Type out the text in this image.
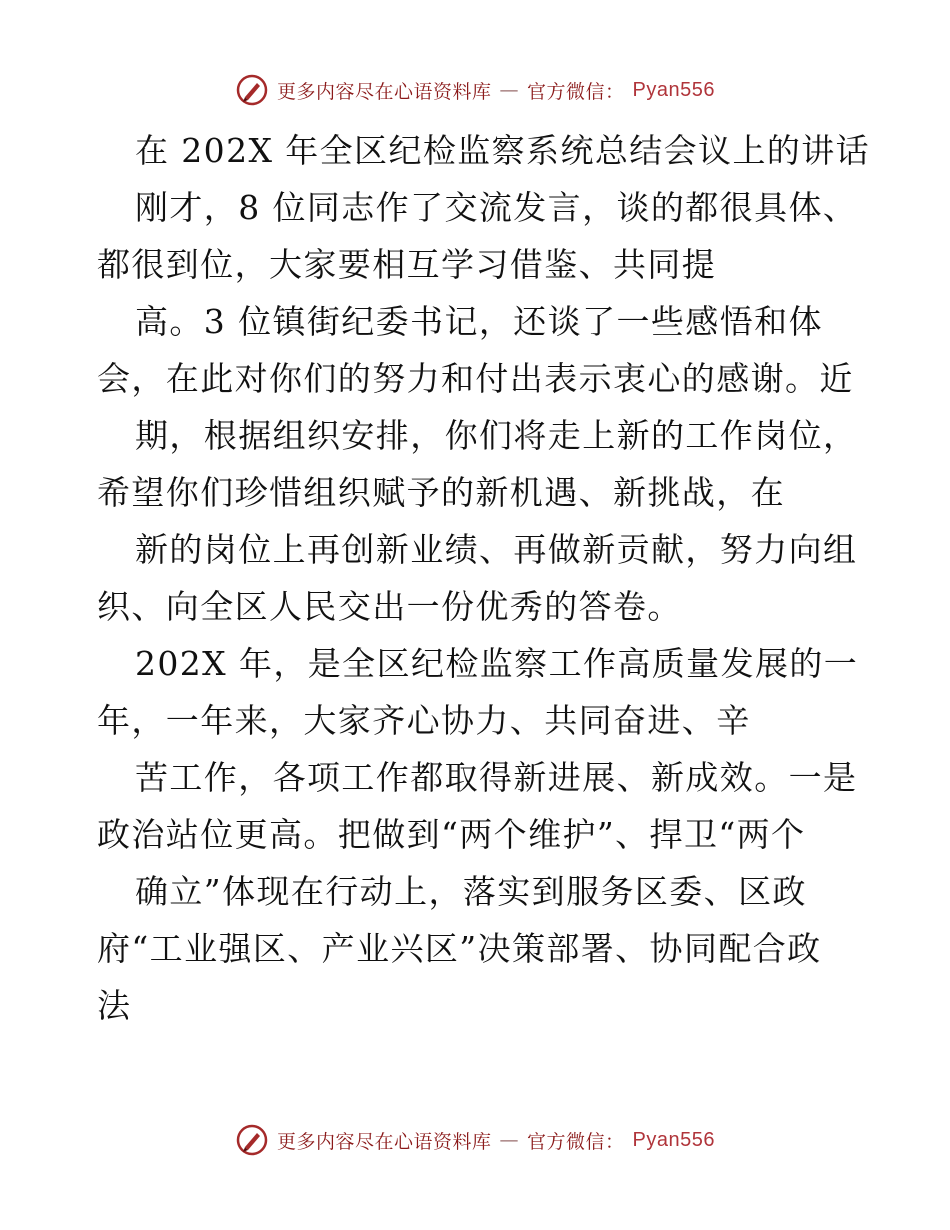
更多内容尽在心语资料库 — 官方微信： Pyan556
在 202X 年全区纪检监察系统总结会议上的讲话
刚才，8 位同志作了交流发言，谈的都很具体、
都很到位，大家要相互学习借鉴、共同提
高。3 位镇街纪委书记，还谈了一些感悟和体
会，在此对你们的努力和付出表示衷心的感谢。近
期，根据组织安排，你们将走上新的工作岗位，
希望你们珍惜组织赋予的新机遇、新挑战，在
新的岗位上再创新业绩、再做新贡献，努力向组
织、向全区人民交出一份优秀的答卷。
202X 年，是全区纪检监察工作高质量发展的一
年，一年来，大家齐心协力、共同奋进、辛
苦工作，各项工作都取得新进展、新成效。一是
政治站位更高。把做到“两个维护”、捍卫“两个
确立”体现在行动上，落实到服务区委、区政
府“工业强区、产业兴区”决策部署、协同配合政
法
更多内容尽在心语资料库 — 官方微信： Pyan556
